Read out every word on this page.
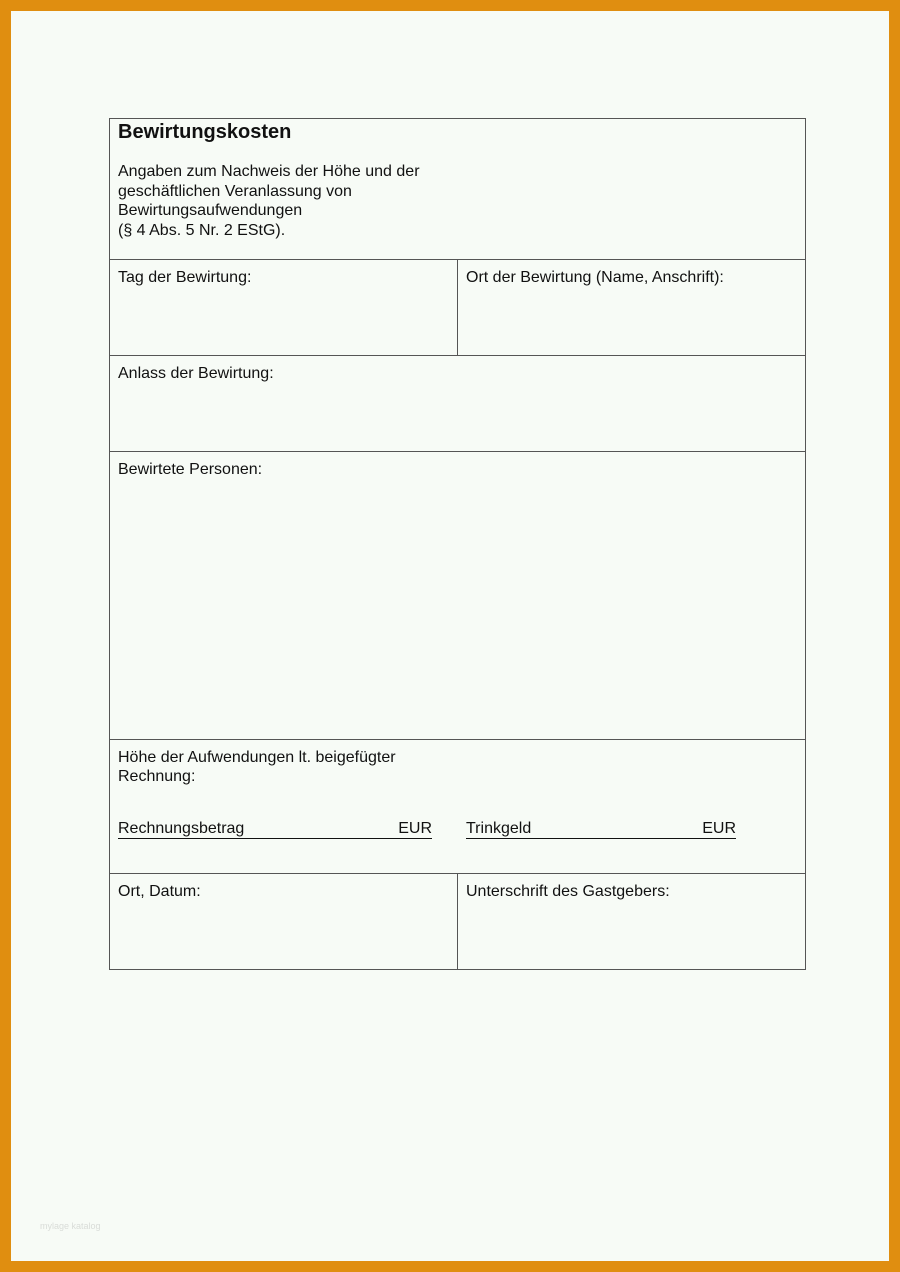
Bewirtungskosten
Angaben zum Nachweis der Höhe und der
geschäftlichen Veranlassung von
Bewirtungsaufwendungen
(§ 4 Abs. 5 Nr. 2 EStG).
Tag der Bewirtung:	Ort der Bewirtung (Name, Anschrift):
Anlass der Bewirtung:
Bewirtete Personen:
Höhe der Aufwendungen lt. beigefügter
Rechnung:
Rechnungsbetrag	EUR Trinkgeld	EUR
Ort, Datum:	Unterschrift des Gastgebers:
mylage katalog
